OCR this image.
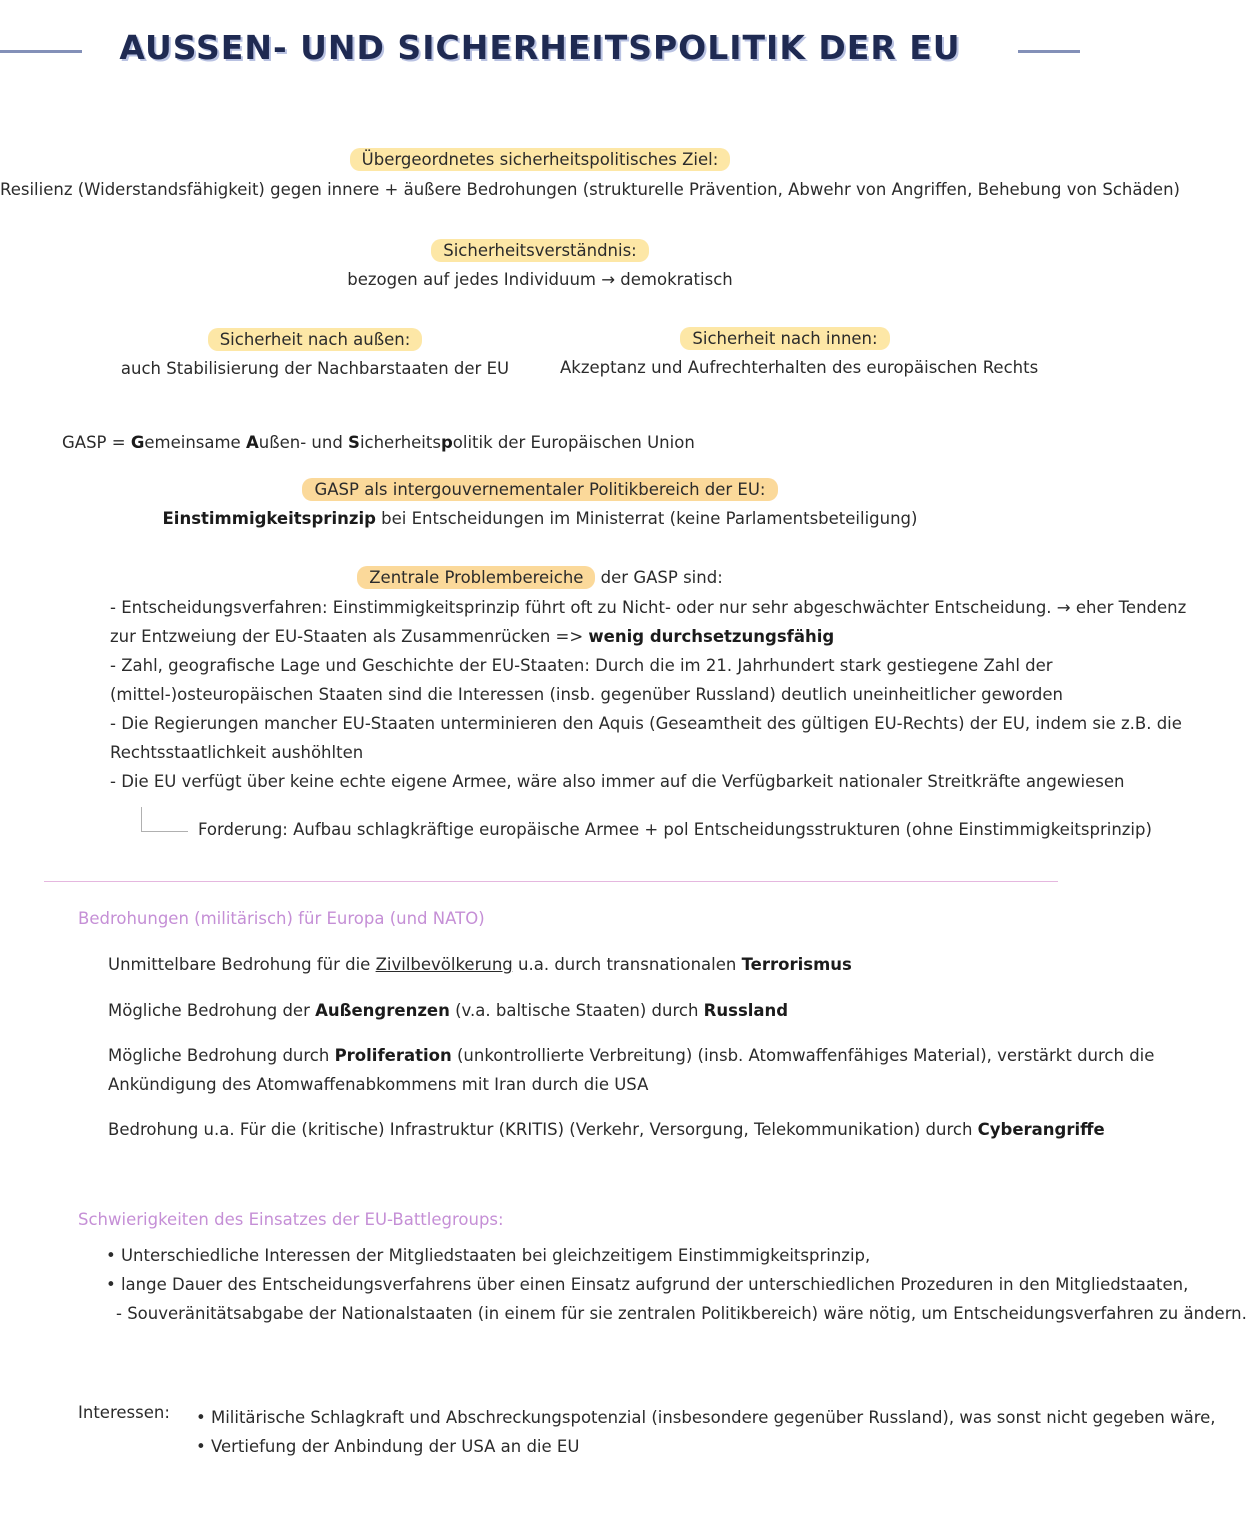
AUSSEN- UND SICHERHEITSPOLITIK DER EU
Übergeordnetes sicherheitspolitisches Ziel:
Resilienz (Widerstandsfähigkeit) gegen innere + äußere Bedrohungen (strukturelle Prävention, Abwehr von Angriffen, Behebung von Schäden)
Sicherheitsverständnis:
bezogen auf jedes Individuum → demokratisch
Sicherheit nach außen:
auch Stabilisierung der Nachbarstaaten der EU
Sicherheit nach innen:
Akzeptanz und Aufrechterhalten des europäischen Rechts
GASP = Gemeinsame Außen- und Sicherheitspolitik der Europäischen Union
GASP als intergouvernementaler Politikbereich der EU:
Einstimmigkeitsprinzip bei Entscheidungen im Ministerrat (keine Parlamentsbeteiligung)
Zentrale Problembereiche der GASP sind:
- Entscheidungsverfahren: Einstimmigkeitsprinzip führt oft zu Nicht- oder nur sehr abgeschwächter Entscheidung. → eher Tendenz
zur Entzweiung der EU-Staaten als Zusammenrücken => wenig durchsetzungsfähig
- Zahl, geografische Lage und Geschichte der EU-Staaten: Durch die im 21. Jahrhundert stark gestiegene Zahl der
(mittel-)osteuropäischen Staaten sind die Interessen (insb. gegenüber Russland) deutlich uneinheitlicher geworden
- Die Regierungen mancher EU-Staaten unterminieren den Aquis (Geseamtheit des gültigen EU-Rechts) der EU, indem sie z.B. die
Rechtsstaatlichkeit aushöhlten
- Die EU verfügt über keine echte eigene Armee, wäre also immer auf die Verfügbarkeit nationaler Streitkräfte angewiesen
Forderung: Aufbau schlagkräftige europäische Armee + pol Entscheidungsstrukturen (ohne Einstimmigkeitsprinzip)
Bedrohungen (militärisch) für Europa (und NATO)
Unmittelbare Bedrohung für die Zivilbevölkerung u.a. durch transnationalen Terrorismus
Mögliche Bedrohung der Außengrenzen (v.a. baltische Staaten) durch Russland
Mögliche Bedrohung durch Proliferation (unkontrollierte Verbreitung) (insb. Atomwaffenfähiges Material), verstärkt durch die
Ankündigung des Atomwaffenabkommens mit Iran durch die USA
Bedrohung u.a. Für die (kritische) Infrastruktur (KRITIS) (Verkehr, Versorgung, Telekommunikation) durch Cyberangriffe
Schwierigkeiten des Einsatzes der EU-Battlegroups:
• Unterschiedliche Interessen der Mitgliedstaaten bei gleichzeitigem Einstimmigkeitsprinzip,
• lange Dauer des Entscheidungsverfahrens über einen Einsatz aufgrund der unterschiedlichen Prozeduren in den Mitgliedstaaten,
- Souveränitätsabgabe der Nationalstaaten (in einem für sie zentralen Politikbereich) wäre nötig, um Entscheidungsverfahren zu ändern.
Interessen: • Militärische Schlagkraft und Abschreckungspotenzial (insbesondere gegenüber Russland), was sonst nicht gegeben wäre,
• Vertiefung der Anbindung der USA an die EU
